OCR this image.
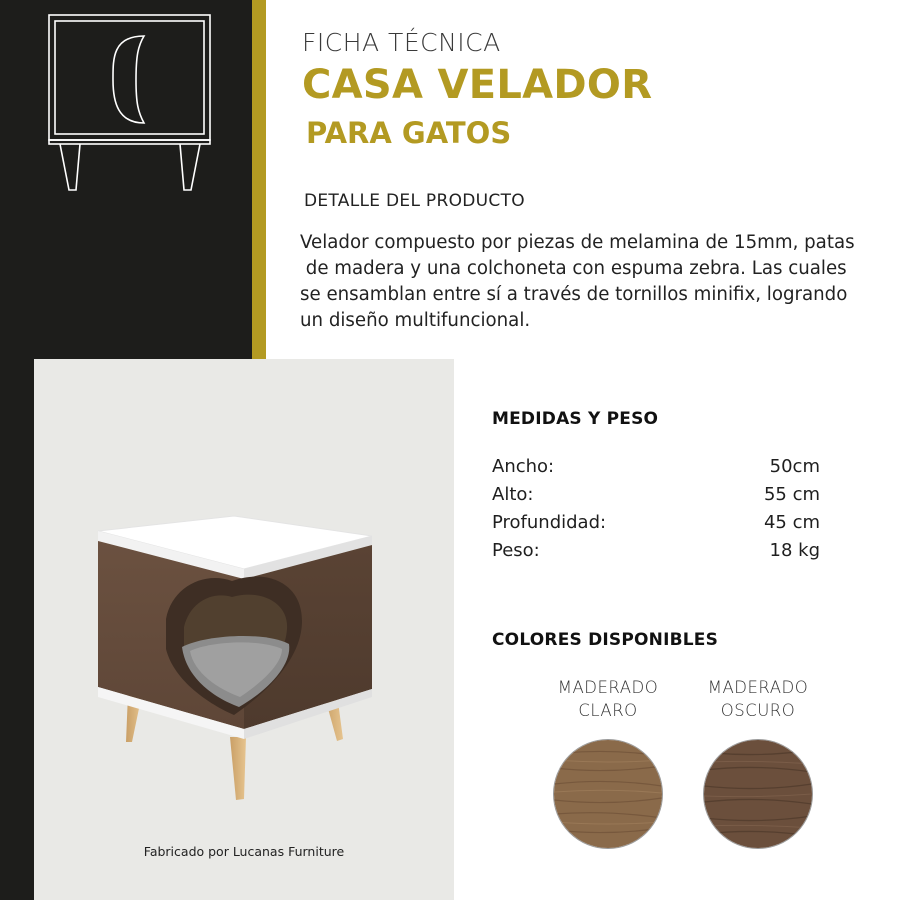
FICHA TÉCNICA
CASA VELADOR
PARA GATOS
DETALLE DEL PRODUCTO
Velador compuesto por piezas de melamina de 15mm, patas
de madera y una colchoneta con espuma zebra. Las cuales
se ensamblan entre sí a través de tornillos minifix, logrando
un diseño multifuncional.
Fabricado por Lucanas Furniture
MEDIDAS Y PESO
Ancho:	50cm
Alto:	55 cm
Profundidad:	45 cm
Peso:	18 kg
COLORES DISPONIBLES
MADERADO
CLARO
MADERADO
OSCURO
